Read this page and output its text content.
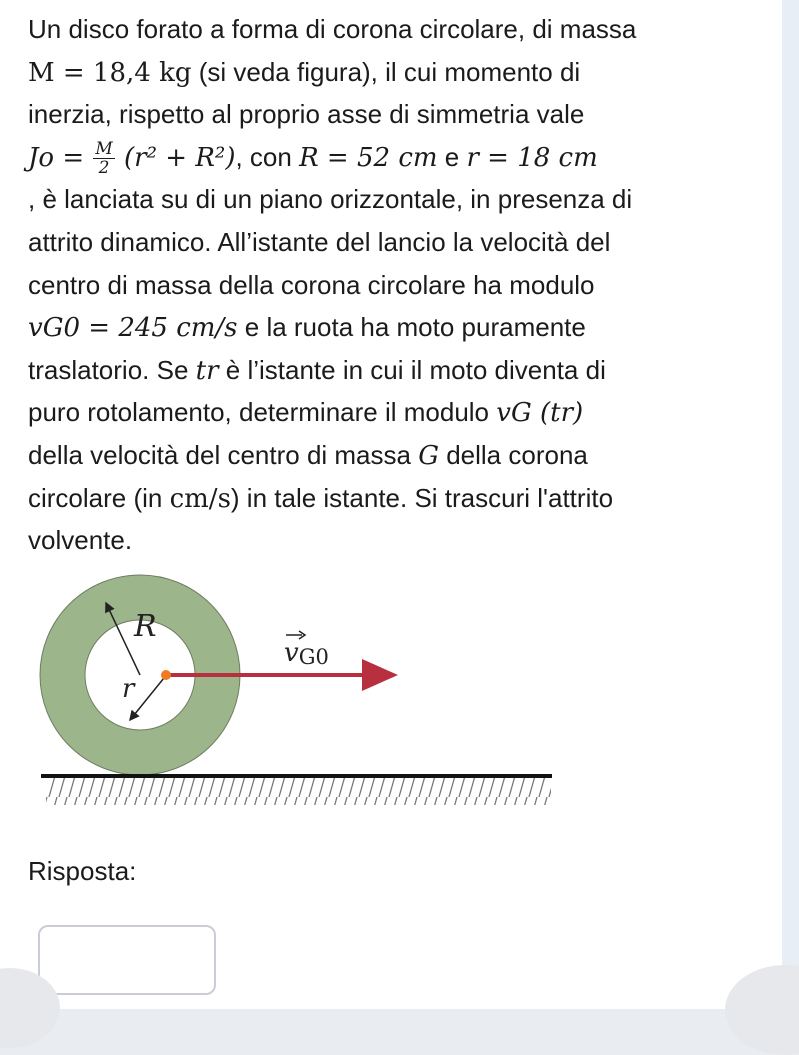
Un disco forato a forma di corona circolare, di massa
M = 18,4 kg (si veda figura), il cui momento di
inerzia, rispetto al proprio asse di simmetria vale
$Jo = \frac{M}{2} (r^2 + R^2)$, con R = 52 cm e r = 18 cm
, è lanciata su di un piano orizzontale, in presenza di
attrito dinamico. All’istante del lancio la velocità del
centro di massa della corona circolare ha modulo
vG0 = 245 cm/s e la ruota ha moto puramente
traslatorio. Se tr è l’istante in cui il moto diventa di
puro rotolamento, determinare il modulo vG (tr)
della velocità del centro di massa G della corona
circolare (in cm/s) in tale istante. Si trascuri l'attrito
volvente.
R
r
vG0
Risposta:
